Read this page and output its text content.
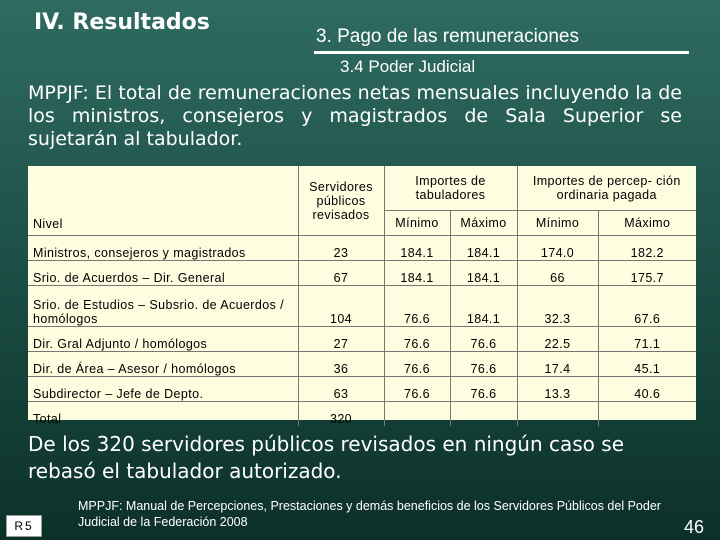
IV. Resultados
3. Pago de las remuneraciones
3.4 Poder Judicial
MPPJF: El total de remuneraciones netas mensuales incluyendo la de los ministros, consejeros y magistrados de Sala Superior se sujetarán al tabulador.
Nivel	Servidores públicos revisados	Importes de tabuladores		Importes de percep- ción ordinaria pagada	
		Mínimo	Máximo	Mínimo	Máximo
Ministros, consejeros y magistrados	23	184.1	184.1	174.0	182.2
Srio. de Acuerdos – Dir. General	67	184.1	184.1	66	175.7
Srio. de Estudios – Subsrio. de Acuerdos / homólogos	104	76.6	184.1	32.3	67.6
Dir. Gral Adjunto / homólogos	27	76.6	76.6	22.5	71.1
Dir. de Área – Asesor / homólogos	36	76.6	76.6	17.4	45.1
Subdirector – Jefe de Depto.	63	76.6	76.6	13.3	40.6
Total	320				
De los 320 servidores públicos revisados en ningún caso se rebasó el tabulador autorizado.
MPPJF: Manual de Percepciones, Prestaciones y demás beneficios de los Servidores Públicos del Poder Judicial de la Federación 2008
R5	46
